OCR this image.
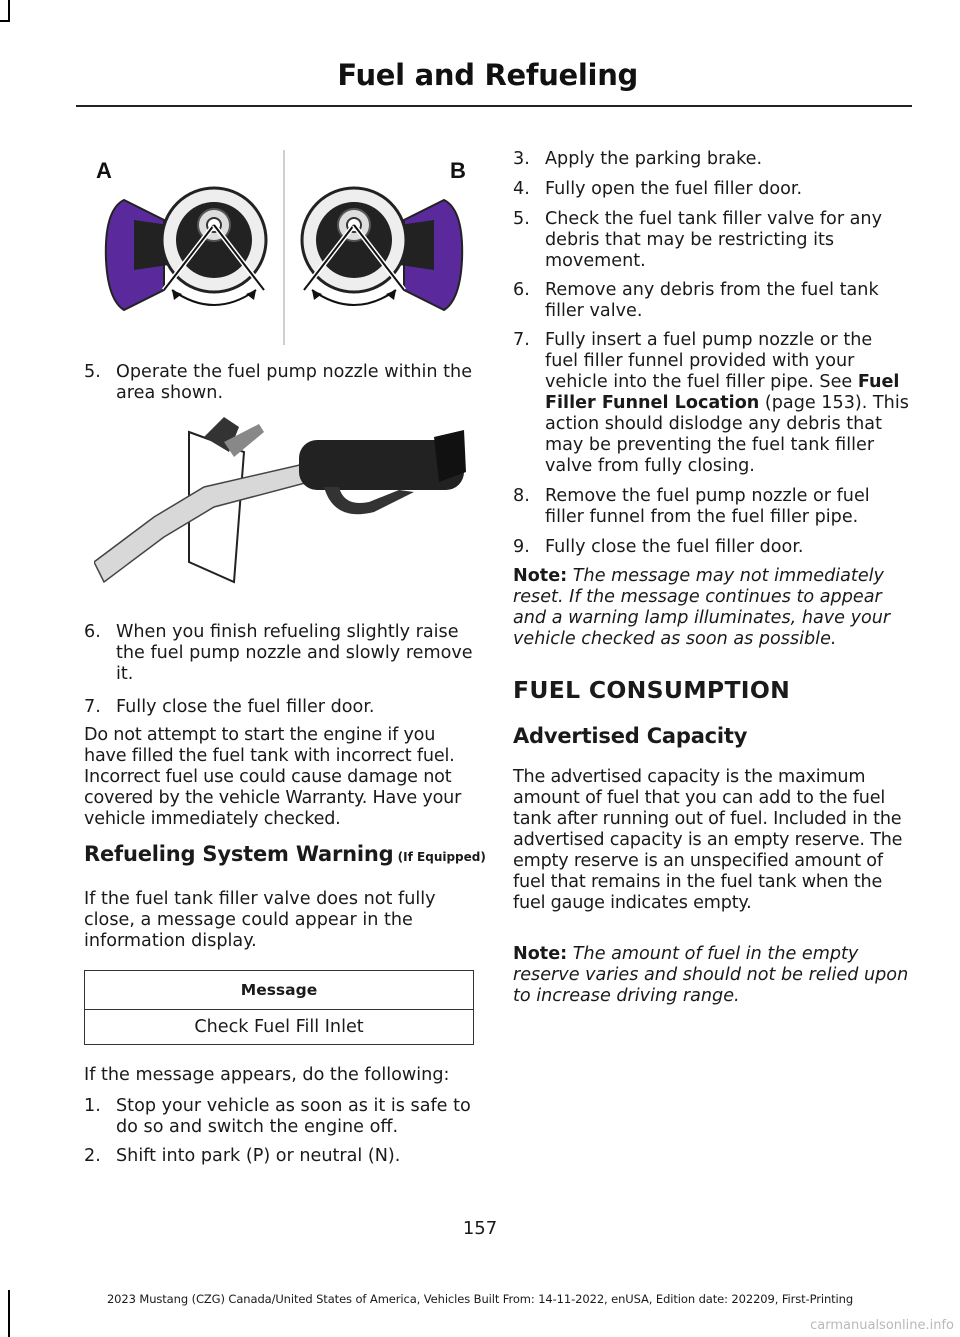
Fuel and Refueling
A	B
5. Operate the fuel pump nozzle within the area shown.
6. When you finish refueling slightly raise the fuel pump nozzle and slowly remove it.
7. Fully close the fuel filler door.
Do not attempt to start the engine if you have filled the fuel tank with incorrect fuel. Incorrect fuel use could cause damage not covered by the vehicle Warranty. Have your vehicle immediately checked.
Refueling System Warning (If Equipped)
If the fuel tank filler valve does not fully close, a message could appear in the information display.
Message
Check Fuel Fill Inlet
If the message appears, do the following:
1. Stop your vehicle as soon as it is safe to do so and switch the engine off.
2. Shift into park (P) or neutral (N).
3. Apply the parking brake.
4. Fully open the fuel filler door.
5. Check the fuel tank filler valve for any debris that may be restricting its movement.
6. Remove any debris from the fuel tank filler valve.
7. Fully insert a fuel pump nozzle or the fuel filler funnel provided with your vehicle into the fuel filler pipe. See Fuel Filler Funnel Location (page 153). This action should dislodge any debris that may be preventing the fuel tank filler valve from fully closing.
8. Remove the fuel pump nozzle or fuel filler funnel from the fuel filler pipe.
9. Fully close the fuel filler door.
Note: The message may not immediately reset. If the message continues to appear and a warning lamp illuminates, have your vehicle checked as soon as possible.
FUEL CONSUMPTION
Advertised Capacity
The advertised capacity is the maximum amount of fuel that you can add to the fuel tank after running out of fuel. Included in the advertised capacity is an empty reserve. The empty reserve is an unspecified amount of fuel that remains in the fuel tank when the fuel gauge indicates empty.
Note: The amount of fuel in the empty reserve varies and should not be relied upon to increase driving range.
157
2023 Mustang (CZG) Canada/United States of America, Vehicles Built From: 14-11-2022, enUSA, Edition date: 202209, First-Printing
carmanualsonline.info
